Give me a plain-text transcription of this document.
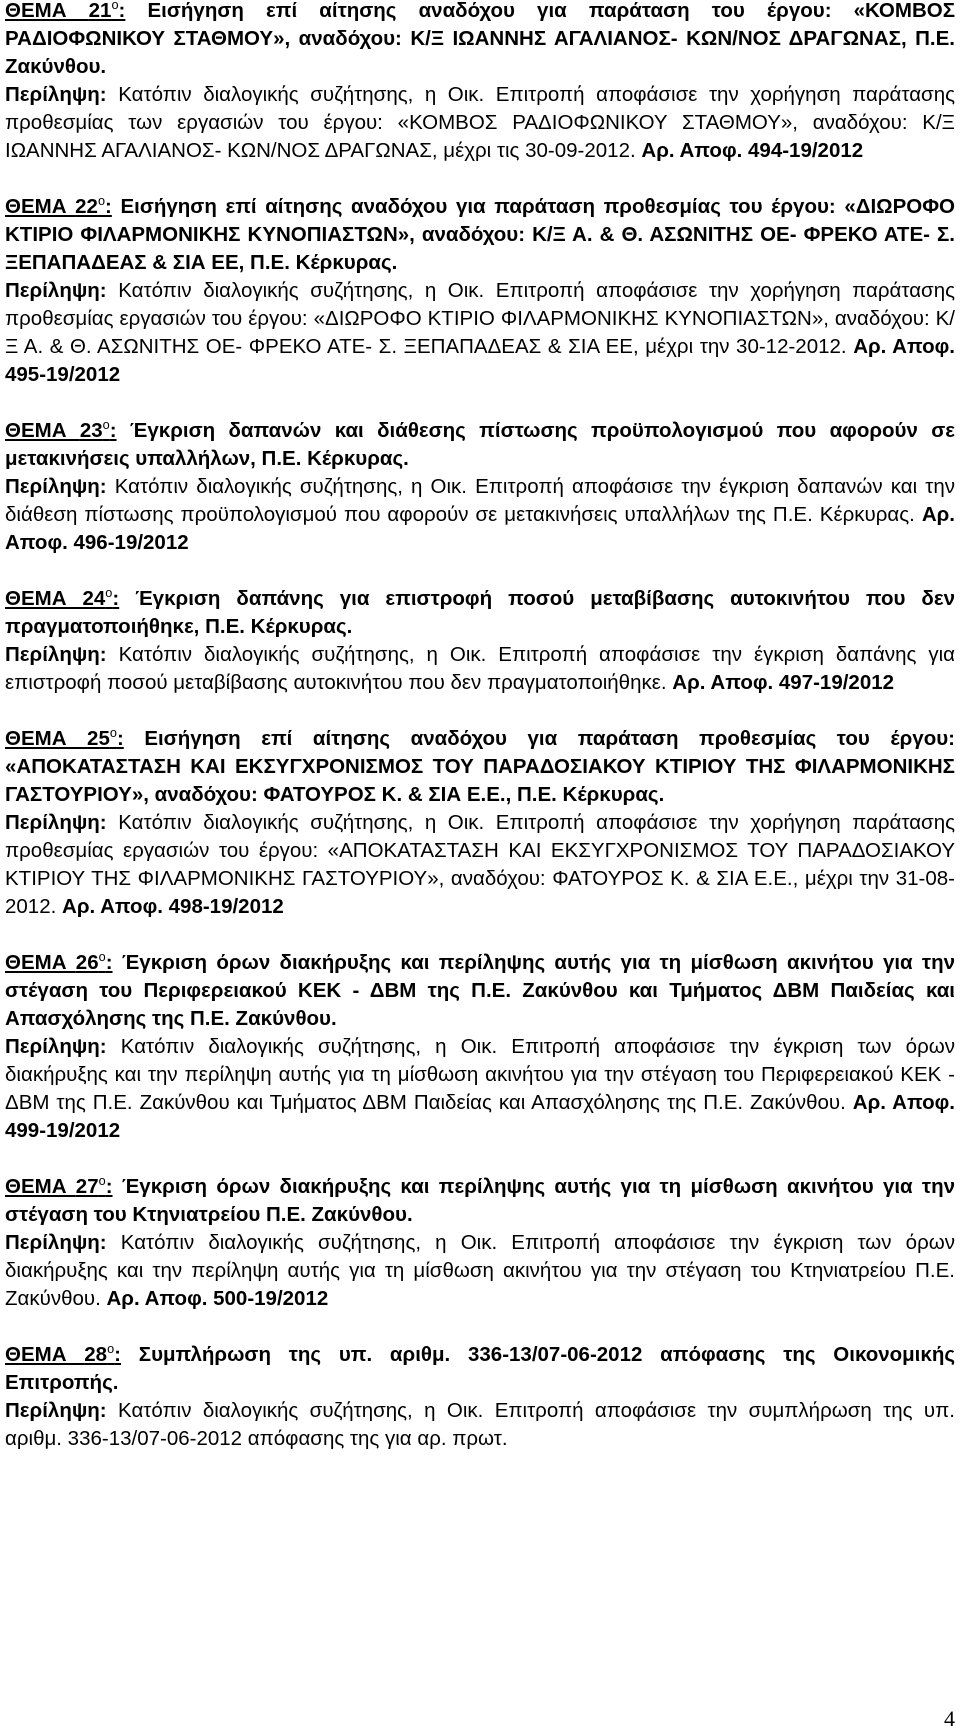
ΘΕΜΑ $21^o$: Εισήγηση επί αίτησης αναδόχου για παράταση του έργου: «ΚΟΜΒΟΣ ΡΑΔΙΟΦΩΝΙΚΟΥ ΣΤΑΘΜΟΥ», αναδόχου: Κ/Ξ ΙΩΑΝΝΗΣ ΑΓΑΛΙΑΝΟΣ- ΚΩΝ/ΝΟΣ ΔΡΑΓΩΝΑΣ, Π.Ε. Ζακύνθου.

Περίληψη: Κατόπιν διαλογικής συζήτησης, η Οικ. Επιτροπή αποφάσισε την χορήγηση παράτασης προθεσμίας των εργασιών του έργου: «ΚΟΜΒΟΣ ΡΑΔΙΟΦΩΝΙΚΟΥ ΣΤΑΘΜΟΥ», αναδόχου: Κ/Ξ ΙΩΑΝΝΗΣ ΑΓΑΛΙΑΝΟΣ- ΚΩΝ/ΝΟΣ ΔΡΑΓΩΝΑΣ, μέχρι τις 30-09-2012. Αρ. Αποφ. 494-19/2012

ΘΕΜΑ $22^o$: Εισήγηση επί αίτησης αναδόχου για παράταση προθεσμίας του έργου: «ΔΙΩΡΟΦΟ ΚΤΙΡΙΟ ΦΙΛΑΡΜΟΝΙΚΗΣ ΚΥΝΟΠΙΑΣΤΩΝ», αναδόχου: Κ/Ξ Α. & Θ. ΑΣΩΝΙΤΗΣ ΟΕ- ΦΡΕΚΟ ΑΤΕ- Σ. ΞΕΠΑΠΑΔΕΑΣ & ΣΙΑ ΕΕ, Π.Ε. Κέρκυρας.

Περίληψη: Κατόπιν διαλογικής συζήτησης, η Οικ. Επιτροπή αποφάσισε την χορήγηση παράτασης προθεσμίας εργασιών του έργου: «ΔΙΩΡΟΦΟ ΚΤΙΡΙΟ ΦΙΛΑΡΜΟΝΙΚΗΣ ΚΥΝΟΠΙΑΣΤΩΝ», αναδόχου: Κ/Ξ Α. & Θ. ΑΣΩΝΙΤΗΣ ΟΕ- ΦΡΕΚΟ ΑΤΕ- Σ. ΞΕΠΑΠΑΔΕΑΣ & ΣΙΑ ΕΕ, μέχρι την 30-12-2012. Αρ. Αποφ. 495-19/2012

ΘΕΜΑ $23^o$: Έγκριση δαπανών και διάθεσης πίστωσης προϋπολογισμού που αφορούν σε μετακινήσεις υπαλλήλων, Π.Ε. Κέρκυρας.

Περίληψη: Κατόπιν διαλογικής συζήτησης, η Οικ. Επιτροπή αποφάσισε την έγκριση δαπανών και την διάθεση πίστωσης προϋπολογισμού που αφορούν σε μετακινήσεις υπαλλήλων της Π.Ε. Κέρκυρας. Αρ. Αποφ. 496-19/2012

ΘΕΜΑ $24^o$: Έγκριση δαπάνης για επιστροφή ποσού μεταβίβασης αυτοκινήτου που δεν πραγματοποιήθηκε, Π.Ε. Κέρκυρας.

Περίληψη: Κατόπιν διαλογικής συζήτησης, η Οικ. Επιτροπή αποφάσισε την έγκριση δαπάνης για επιστροφή ποσού μεταβίβασης αυτοκινήτου που δεν πραγματοποιήθηκε. Αρ. Αποφ. 497-19/2012

ΘΕΜΑ $25^o$: Εισήγηση επί αίτησης αναδόχου για παράταση προθεσμίας του έργου: «ΑΠΟΚΑΤΑΣΤΑΣΗ ΚΑΙ ΕΚΣΥΓΧΡΟΝΙΣΜΟΣ ΤΟΥ ΠΑΡΑΔΟΣΙΑΚΟΥ ΚΤΙΡΙΟΥ ΤΗΣ ΦΙΛΑΡΜΟΝΙΚΗΣ ΓΑΣΤΟΥΡΙΟΥ», αναδόχου: ΦΑΤΟΥΡΟΣ Κ. & ΣΙΑ Ε.Ε., Π.Ε. Κέρκυρας.

Περίληψη: Κατόπιν διαλογικής συζήτησης, η Οικ. Επιτροπή αποφάσισε την χορήγηση παράτασης προθεσμίας εργασιών του έργου: «ΑΠΟΚΑΤΑΣΤΑΣΗ ΚΑΙ ΕΚΣΥΓΧΡΟΝΙΣΜΟΣ ΤΟΥ ΠΑΡΑΔΟΣΙΑΚΟΥ ΚΤΙΡΙΟΥ ΤΗΣ ΦΙΛΑΡΜΟΝΙΚΗΣ ΓΑΣΤΟΥΡΙΟΥ», αναδόχου: ΦΑΤΟΥΡΟΣ Κ. & ΣΙΑ Ε.Ε., μέχρι την 31-08-2012. Αρ. Αποφ. 498-19/2012

ΘΕΜΑ $26^o$: Έγκριση όρων διακήρυξης και περίληψης αυτής για τη μίσθωση ακινήτου για την στέγαση του Περιφερειακού ΚΕΚ - ΔΒΜ της Π.Ε. Ζακύνθου και Τμήματος ΔΒΜ Παιδείας και Απασχόλησης της Π.Ε. Ζακύνθου.

Περίληψη: Κατόπιν διαλογικής συζήτησης, η Οικ. Επιτροπή αποφάσισε την έγκριση των όρων διακήρυξης και την περίληψη αυτής για τη μίσθωση ακινήτου για την στέγαση του Περιφερειακού ΚΕΚ - ΔΒΜ της Π.Ε. Ζακύνθου και Τμήματος ΔΒΜ Παιδείας και Απασχόλησης της Π.Ε. Ζακύνθου. Αρ. Αποφ. 499-19/2012

ΘΕΜΑ $27^o$: Έγκριση όρων διακήρυξης και περίληψης αυτής για τη μίσθωση ακινήτου για την στέγαση του Κτηνιατρείου Π.Ε. Ζακύνθου.

Περίληψη: Κατόπιν διαλογικής συζήτησης, η Οικ. Επιτροπή αποφάσισε την έγκριση των όρων διακήρυξης και την περίληψη αυτής για τη μίσθωση ακινήτου για την στέγαση του Κτηνιατρείου Π.Ε. Ζακύνθου. Αρ. Αποφ. 500-19/2012

ΘΕΜΑ $28^o$: Συμπλήρωση της υπ. αριθμ. 336-13/07-06-2012 απόφασης της Οικονομικής Επιτροπής.

Περίληψη: Κατόπιν διαλογικής συζήτησης, η Οικ. Επιτροπή αποφάσισε την συμπλήρωση της υπ. αριθμ. 336-13/07-06-2012 απόφασης της για αρ. πρωτ.

4
